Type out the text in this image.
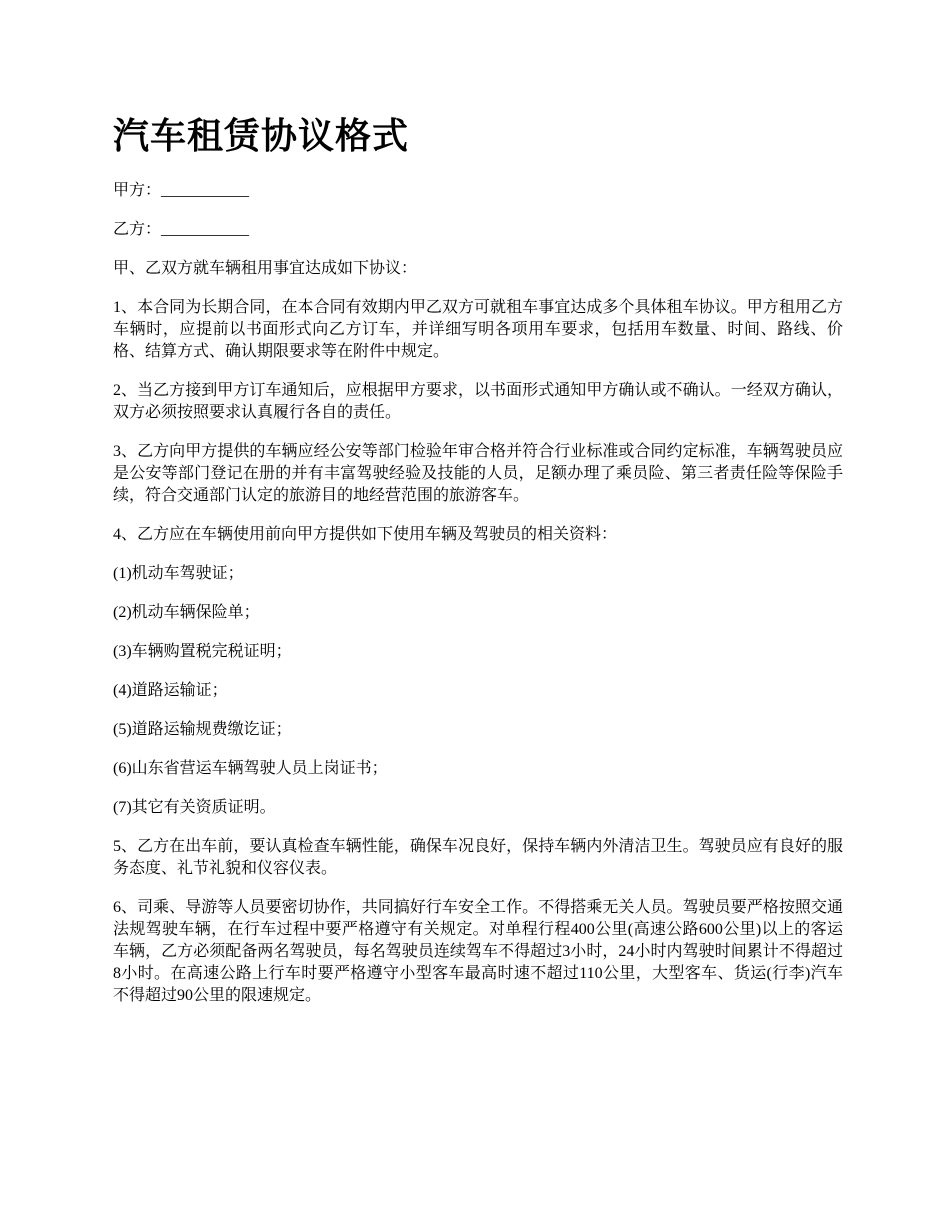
汽车租赁协议格式

甲方：___________

乙方：___________

甲、乙双方就车辆租用事宜达成如下协议：

1、本合同为长期合同，在本合同有效期内甲乙双方可就租车事宜达成多个具体租车协议。甲方租用乙方车辆时，应提前以书面形式向乙方订车，并详细写明各项用车要求，包括用车数量、时间、路线、价格、结算方式、确认期限要求等在附件中规定。

2、当乙方接到甲方订车通知后，应根据甲方要求，以书面形式通知甲方确认或不确认。一经双方确认，双方必须按照要求认真履行各自的责任。

3、乙方向甲方提供的车辆应经公安等部门检验年审合格并符合行业标准或合同约定标准，车辆驾驶员应是公安等部门登记在册的并有丰富驾驶经验及技能的人员，足额办理了乘员险、第三者责任险等保险手续，符合交通部门认定的旅游目的地经营范围的旅游客车。

4、乙方应在车辆使用前向甲方提供如下使用车辆及驾驶员的相关资料：

(1)机动车驾驶证；

(2)机动车辆保险单；

(3)车辆购置税完税证明；

(4)道路运输证；

(5)道路运输规费缴讫证；

(6)山东省营运车辆驾驶人员上岗证书；

(7)其它有关资质证明。

5、乙方在出车前，要认真检查车辆性能，确保车况良好，保持车辆内外清洁卫生。驾驶员应有良好的服务态度、礼节礼貌和仪容仪表。

6、司乘、导游等人员要密切协作，共同搞好行车安全工作。不得搭乘无关人员。驾驶员要严格按照交通法规驾驶车辆，在行车过程中要严格遵守有关规定。对单程行程400公里(高速公路600公里)以上的客运车辆，乙方必须配备两名驾驶员，每名驾驶员连续驾车不得超过3小时，24小时内驾驶时间累计不得超过8小时。在高速公路上行车时要严格遵守小型客车最高时速不超过110公里，大型客车、货运(行李)汽车不得超过90公里的限速规定。
